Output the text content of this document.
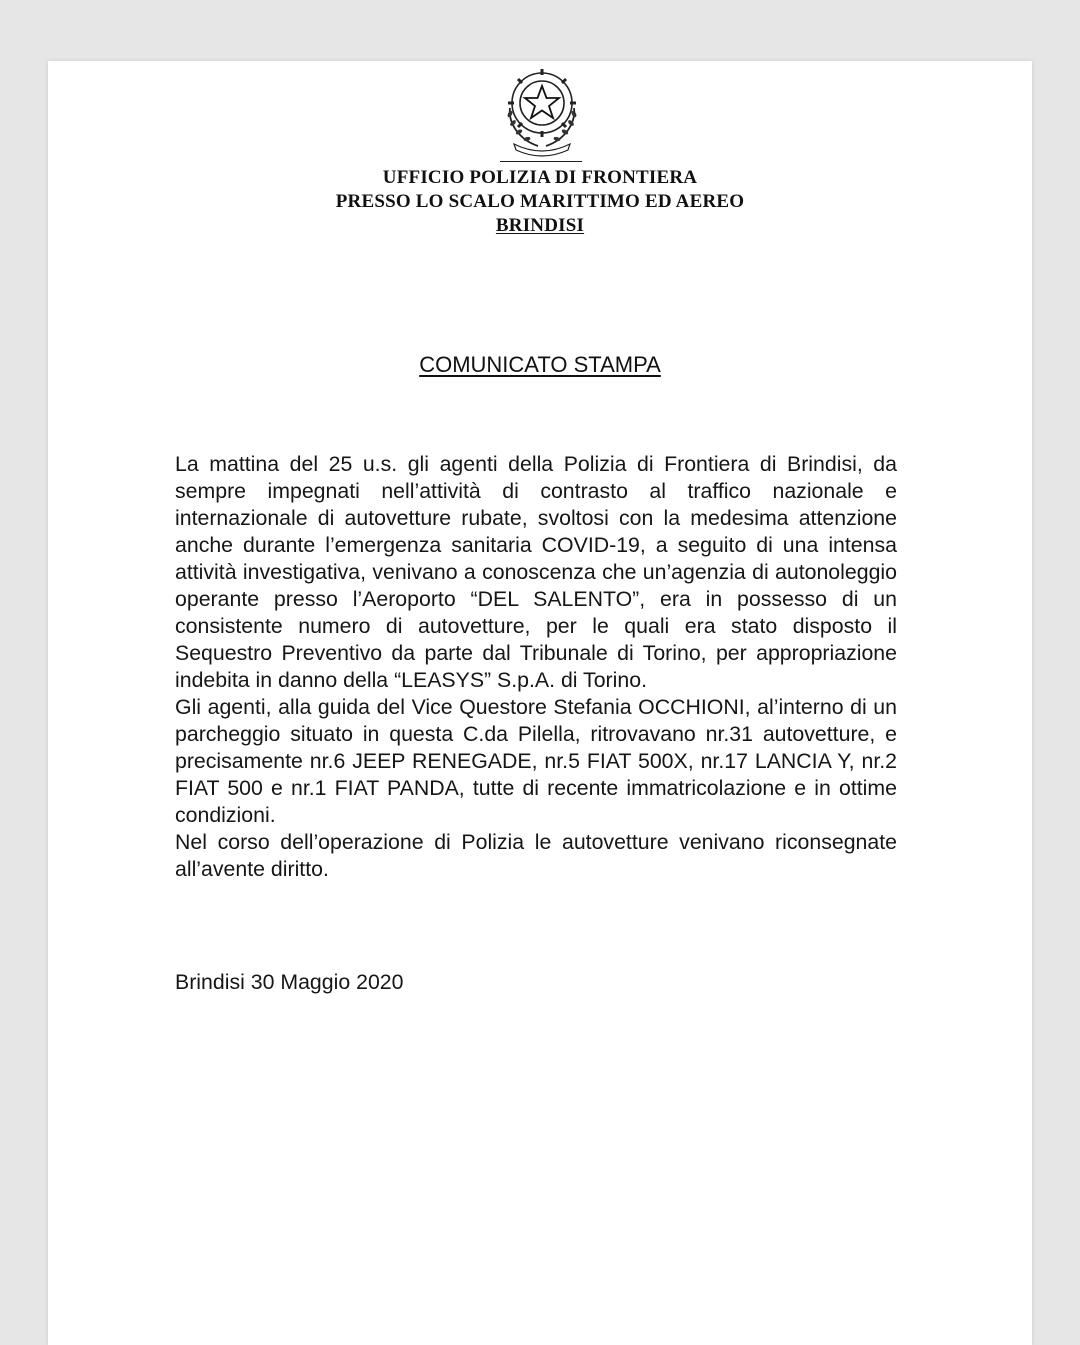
UFFICIO POLIZIA DI FRONTIERA
PRESSO LO SCALO MARITTIMO ED AEREO
BRINDISI
COMUNICATO STAMPA

La mattina del 25 u.s. gli agenti della Polizia di Frontiera di Brindisi, da sempre impegnati nell’attività di contrasto al traffico nazionale e internazionale di autovetture rubate, svoltosi con la medesima attenzione anche durante l’emergenza sanitaria COVID-19, a seguito di una intensa attività investigativa, venivano a conoscenza che un’agenzia di autonoleggio operante presso l’Aeroporto “DEL SALENTO”, era in possesso di un consistente numero di autovetture, per le quali era stato disposto il Sequestro Preventivo da parte dal Tribunale di Torino, per appropriazione indebita in danno della “LEASYS” S.p.A. di Torino.

Gli agenti, alla guida del Vice Questore Stefania OCCHIONI, al’interno di un parcheggio situato in questa C.da Pilella, ritrovavano nr.31 autovetture, e precisamente nr.6 JEEP RENEGADE, nr.5 FIAT 500X, nr.17 LANCIA Y, nr.2 FIAT 500 e nr.1 FIAT PANDA, tutte di recente immatricolazione e in ottime condizioni.

Nel corso dell’operazione di Polizia le autovetture venivano riconsegnate all’avente diritto.

Brindisi 30 Maggio 2020
